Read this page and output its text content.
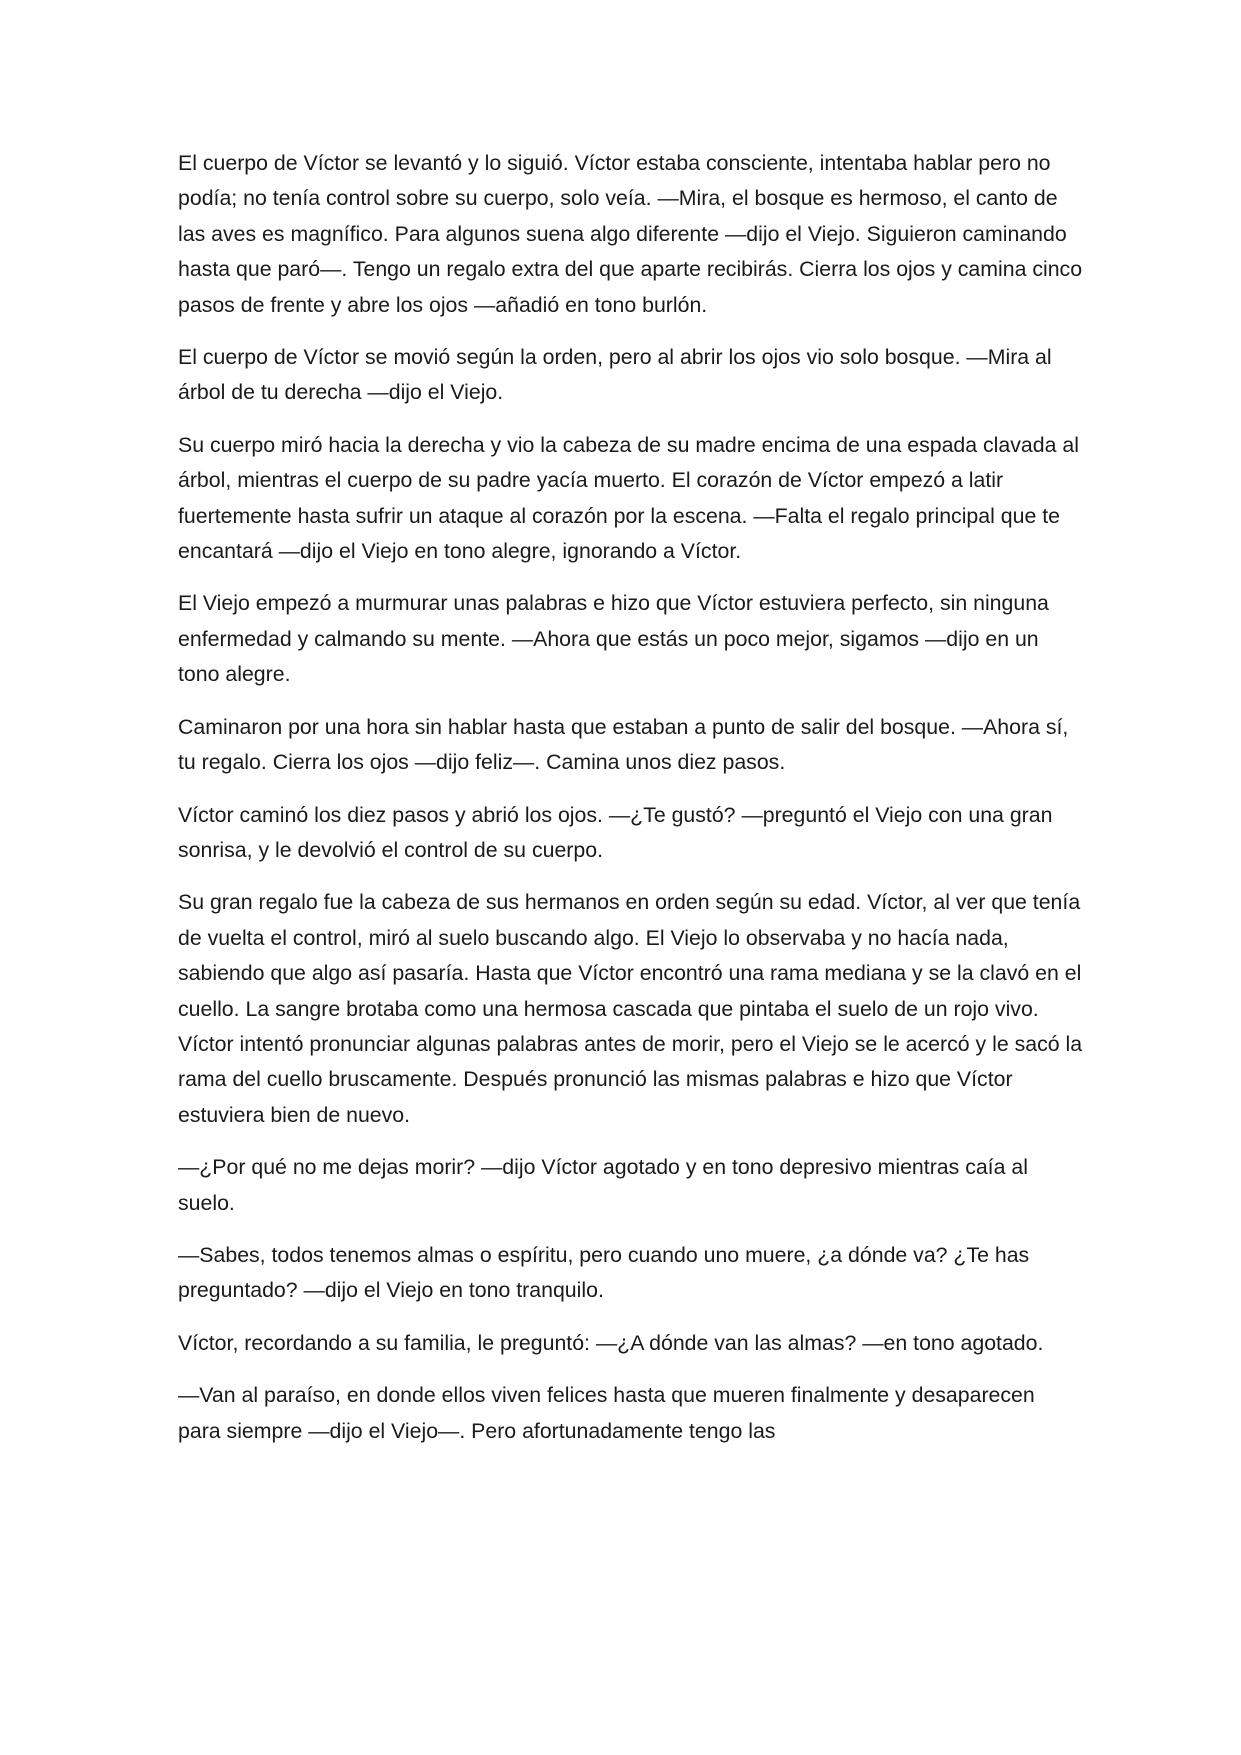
El cuerpo de Víctor se levantó y lo siguió. Víctor estaba consciente, intentaba hablar pero no podía; no tenía control sobre su cuerpo, solo veía. —Mira, el bosque es hermoso, el canto de las aves es magnífico. Para algunos suena algo diferente —dijo el Viejo. Siguieron caminando hasta que paró—. Tengo un regalo extra del que aparte recibirás. Cierra los ojos y camina cinco pasos de frente y abre los ojos —añadió en tono burlón.

El cuerpo de Víctor se movió según la orden, pero al abrir los ojos vio solo bosque. —Mira al árbol de tu derecha —dijo el Viejo.

Su cuerpo miró hacia la derecha y vio la cabeza de su madre encima de una espada clavada al árbol, mientras el cuerpo de su padre yacía muerto. El corazón de Víctor empezó a latir fuertemente hasta sufrir un ataque al corazón por la escena. —Falta el regalo principal que te encantará —dijo el Viejo en tono alegre, ignorando a Víctor.

El Viejo empezó a murmurar unas palabras e hizo que Víctor estuviera perfecto, sin ninguna enfermedad y calmando su mente. —Ahora que estás un poco mejor, sigamos —dijo en un tono alegre.

Caminaron por una hora sin hablar hasta que estaban a punto de salir del bosque. —Ahora sí, tu regalo. Cierra los ojos —dijo feliz—. Camina unos diez pasos.

Víctor caminó los diez pasos y abrió los ojos. —¿Te gustó? —preguntó el Viejo con una gran sonrisa, y le devolvió el control de su cuerpo.

Su gran regalo fue la cabeza de sus hermanos en orden según su edad. Víctor, al ver que tenía de vuelta el control, miró al suelo buscando algo. El Viejo lo observaba y no hacía nada, sabiendo que algo así pasaría. Hasta que Víctor encontró una rama mediana y se la clavó en el cuello. La sangre brotaba como una hermosa cascada que pintaba el suelo de un rojo vivo. Víctor intentó pronunciar algunas palabras antes de morir, pero el Viejo se le acercó y le sacó la rama del cuello bruscamente. Después pronunció las mismas palabras e hizo que Víctor estuviera bien de nuevo.

—¿Por qué no me dejas morir? —dijo Víctor agotado y en tono depresivo mientras caía al suelo.

—Sabes, todos tenemos almas o espíritu, pero cuando uno muere, ¿a dónde va? ¿Te has preguntado? —dijo el Viejo en tono tranquilo.

Víctor, recordando a su familia, le preguntó: —¿A dónde van las almas? —en tono agotado.

—Van al paraíso, en donde ellos viven felices hasta que mueren finalmente y desaparecen para siempre —dijo el Viejo—. Pero afortunadamente tengo las
